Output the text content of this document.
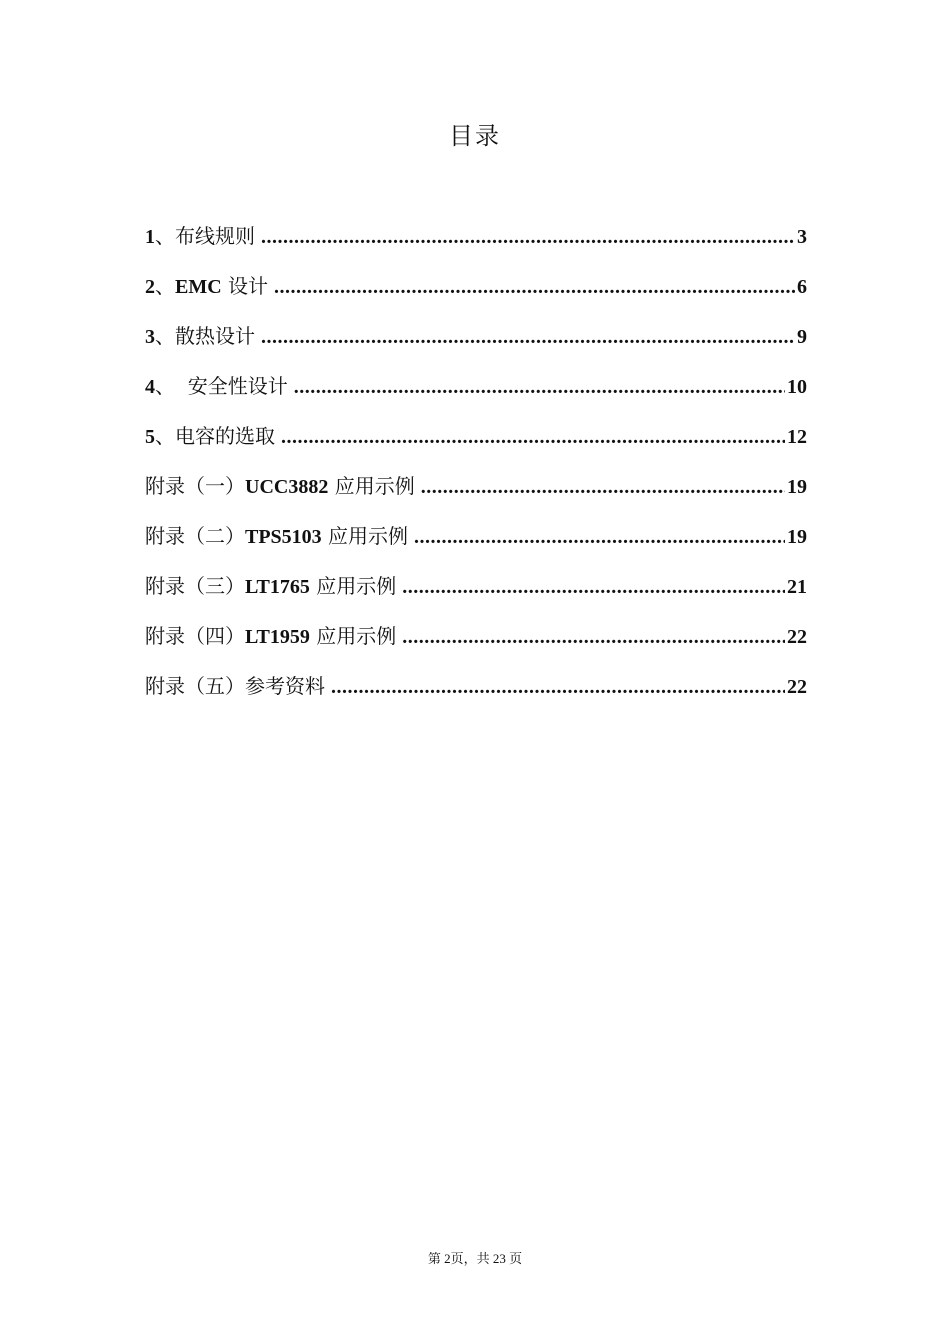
目录
1、布线规则 .....	3
2、EMC 设计 .....	6
3、散热设计 .....	9
4、  安全性设计 .....	10
5、电容的选取 .....	12
附录（一）UCC3882 应用示例 .....	19
附录（二）TPS5103 应用示例 .....	19
附录（三）LT1765 应用示例 .....	21
附录（四）LT1959 应用示例 .....	22
附录（五）参考资料 .....	22
第 2页，共 23 页
